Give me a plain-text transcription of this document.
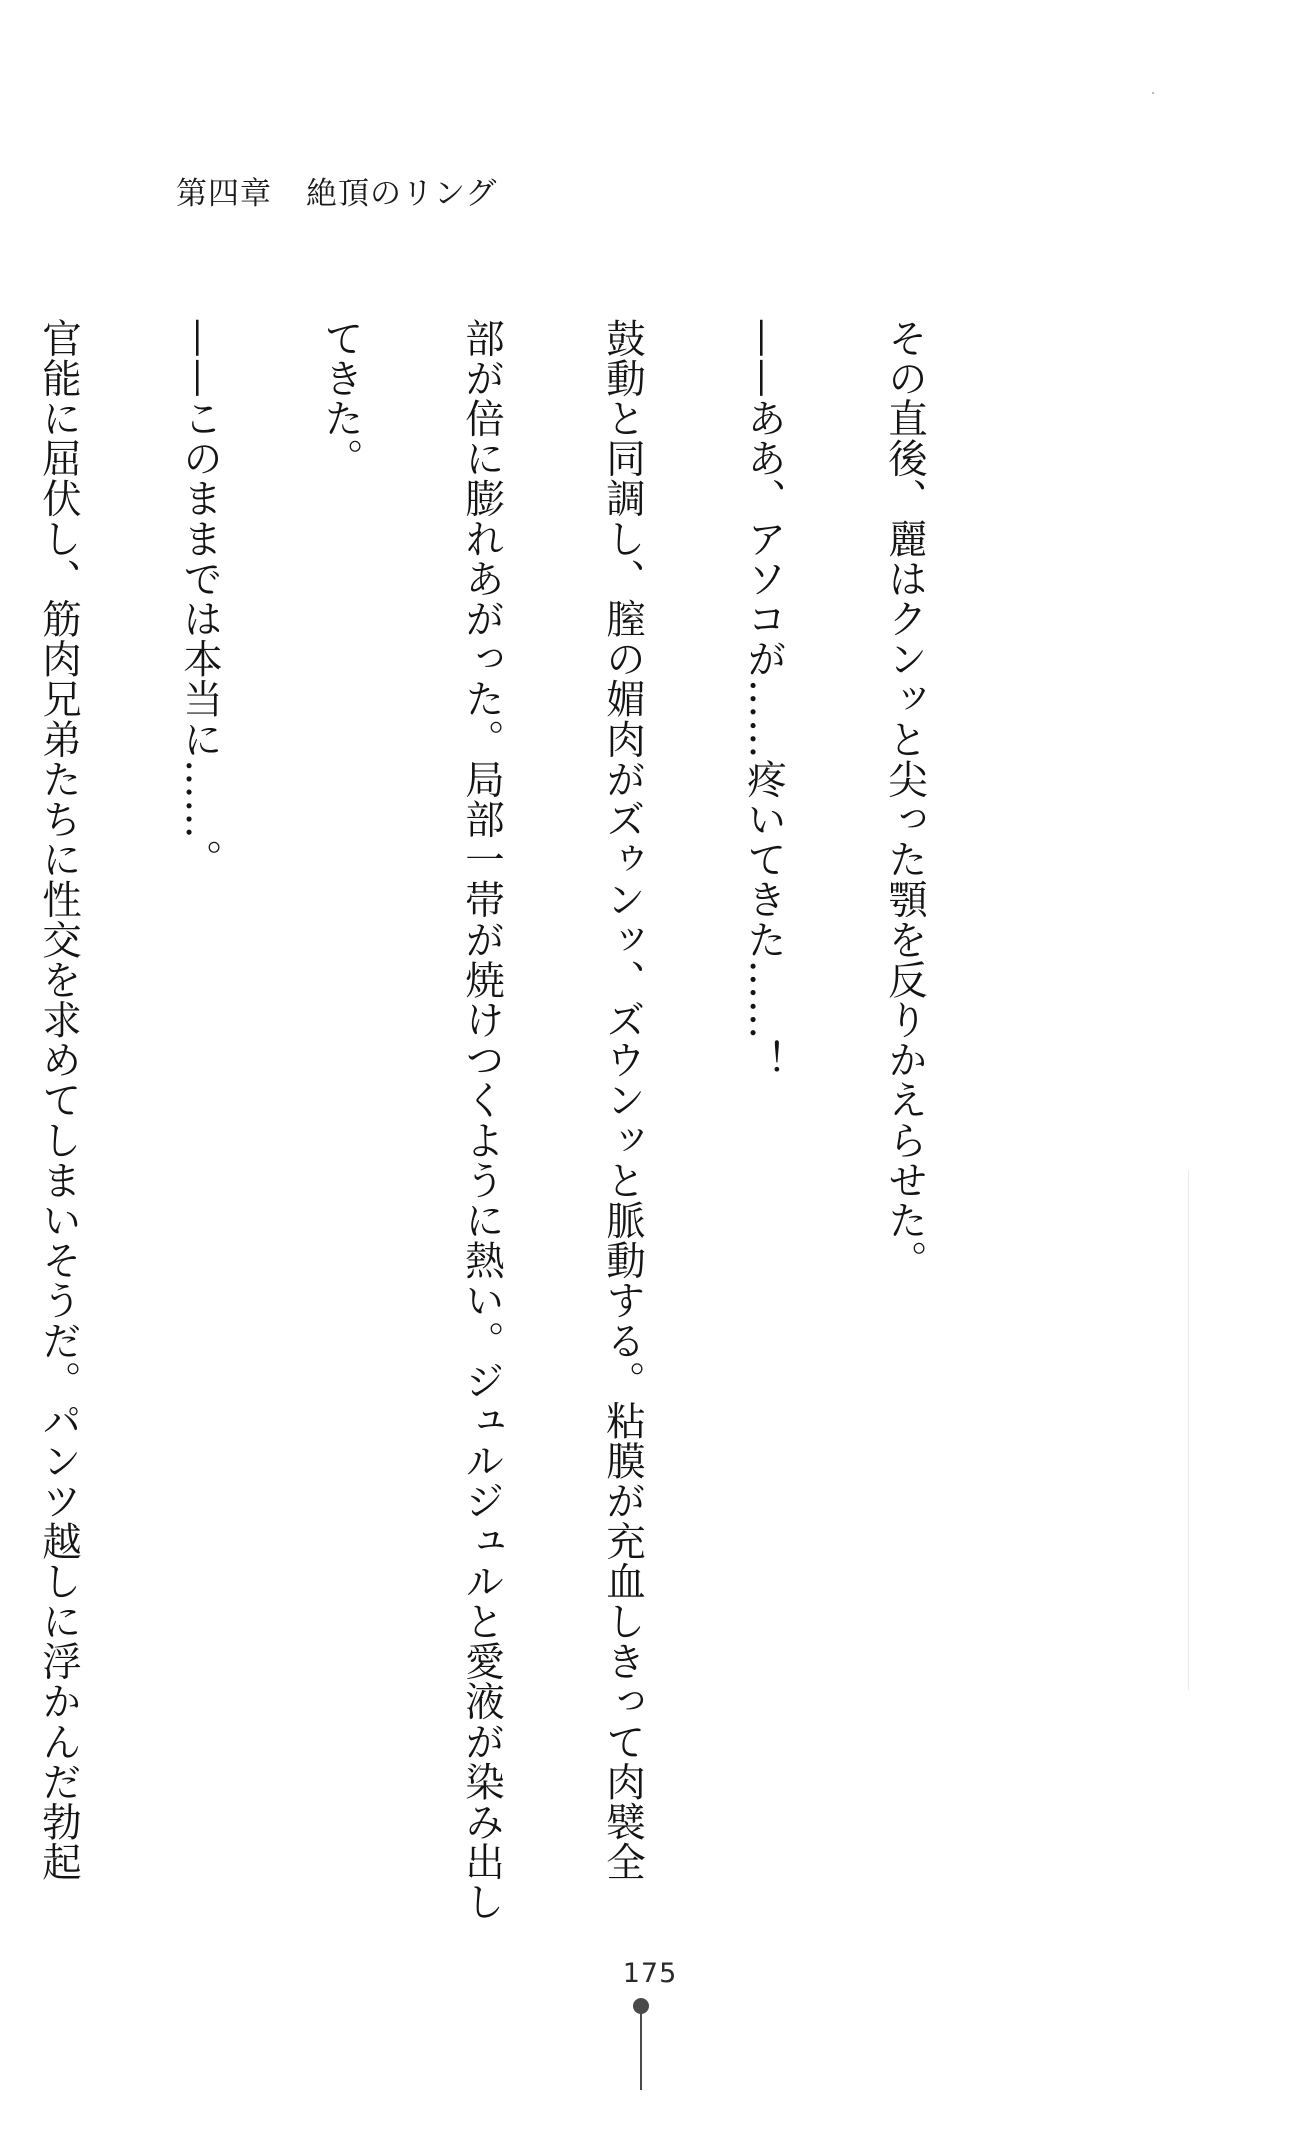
第四章 絶頂のリング

その直後、麗はクンッと尖った顎を反りかえらせた。

——ああ、アソコが……疼いてきた……！

鼓動と同調し、膣の媚肉がズゥンッ、ズウンッと脈動する。粘膜が充血しきって肉襞全

部が倍に膨れあがった。局部一帯が焼けつくように熱い。ジュルジュルと愛液が染み出し

てきた。

——このままでは本当に……。

官能に屈伏し、筋肉兄弟たちに性交を求めてしまいそうだ。パンツ越しに浮かんだ勃起

175
